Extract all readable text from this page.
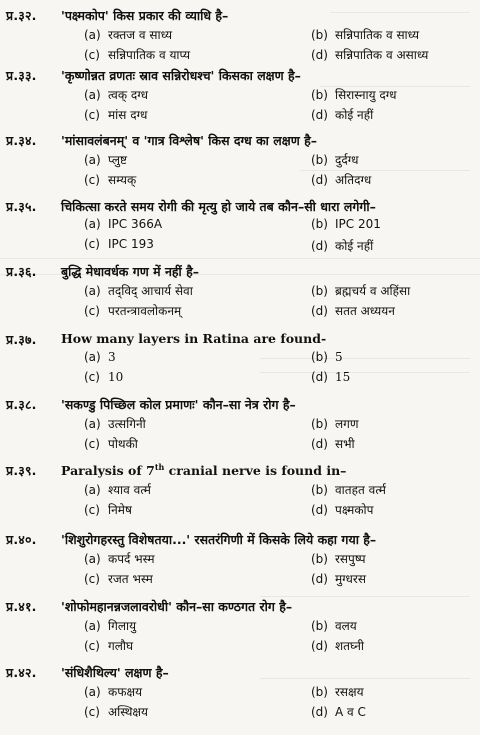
प्र.३२. 'पक्ष्मकोप' किस प्रकार की व्याधि है–
(a) रक्तज व साध्य	(b) सन्निपातिक व साध्य
(c) सन्निपातिक व याप्य	(d) सन्निपातिक व असाध्य
प्र.३३. 'कृष्णोन्नत व्रणतः स्राव सन्निरोधश्च' किसका लक्षण है–
(a) त्वक् दग्ध	(b) सिरास्नायु दग्ध
(c) मांस दग्ध	(d) कोई नहीं
प्र.३४. 'मांसावलंबनम्' व 'गात्र विश्लेष' किस दग्ध का लक्षण है–
(a) प्लुष्ट	(b) दुर्दग्ध
(c) सम्यक्	(d) अतिदग्ध
प्र.३५. चिकित्सा करते समय रोगी की मृत्यु हो जाये तब कौन–सी धारा लगेगी–
(a) IPC 366A	(b) IPC 201
(c) IPC 193	(d) कोई नहीं
प्र.३६. बुद्धि मेधावर्धक गण में नहीं है–
(a) तद्‌विद् आचार्य सेवा	(b) ब्रह्मचर्य व अहिंसा
(c) परतन्त्रावलोकनम्	(d) सतत अध्ययन
प्र.३७. How many layers in Ratina are found-
(a) 3	(b) 5
(c) 10	(d) 15
प्र.३८. 'सकण्डु पिच्छिल कोल प्रमाणः' कौन–सा नेत्र रोग है–
(a) उत्सगिनी	(b) लगण
(c) पोथकी	(d) सभी
प्र.३९. Paralysis of 7th cranial nerve is found in–
(a) श्याव वर्त्म	(b) वातहत वर्त्म
(c) निमेष	(d) पक्ष्मकोप
प्र.४०. 'शिशुरोगहरस्तु विशेषतया...' रसतरंगिणी में किसके लिये कहा गया है–
(a) कपर्द भस्म	(b) रसपुष्प
(c) रजत भस्म	(d) मुग्धरस
प्र.४१. 'शोफोमहानन्नजलावरोधी' कौन–सा कण्ठगत रोग है–
(a) गिलायु	(b) वलय
(c) गलौघ	(d) शतघ्नी
प्र.४२. 'संधिशैथिल्य' लक्षण है–
(a) कफक्षय	(b) रसक्षय
(c) अस्थिक्षय	(d) A व C
